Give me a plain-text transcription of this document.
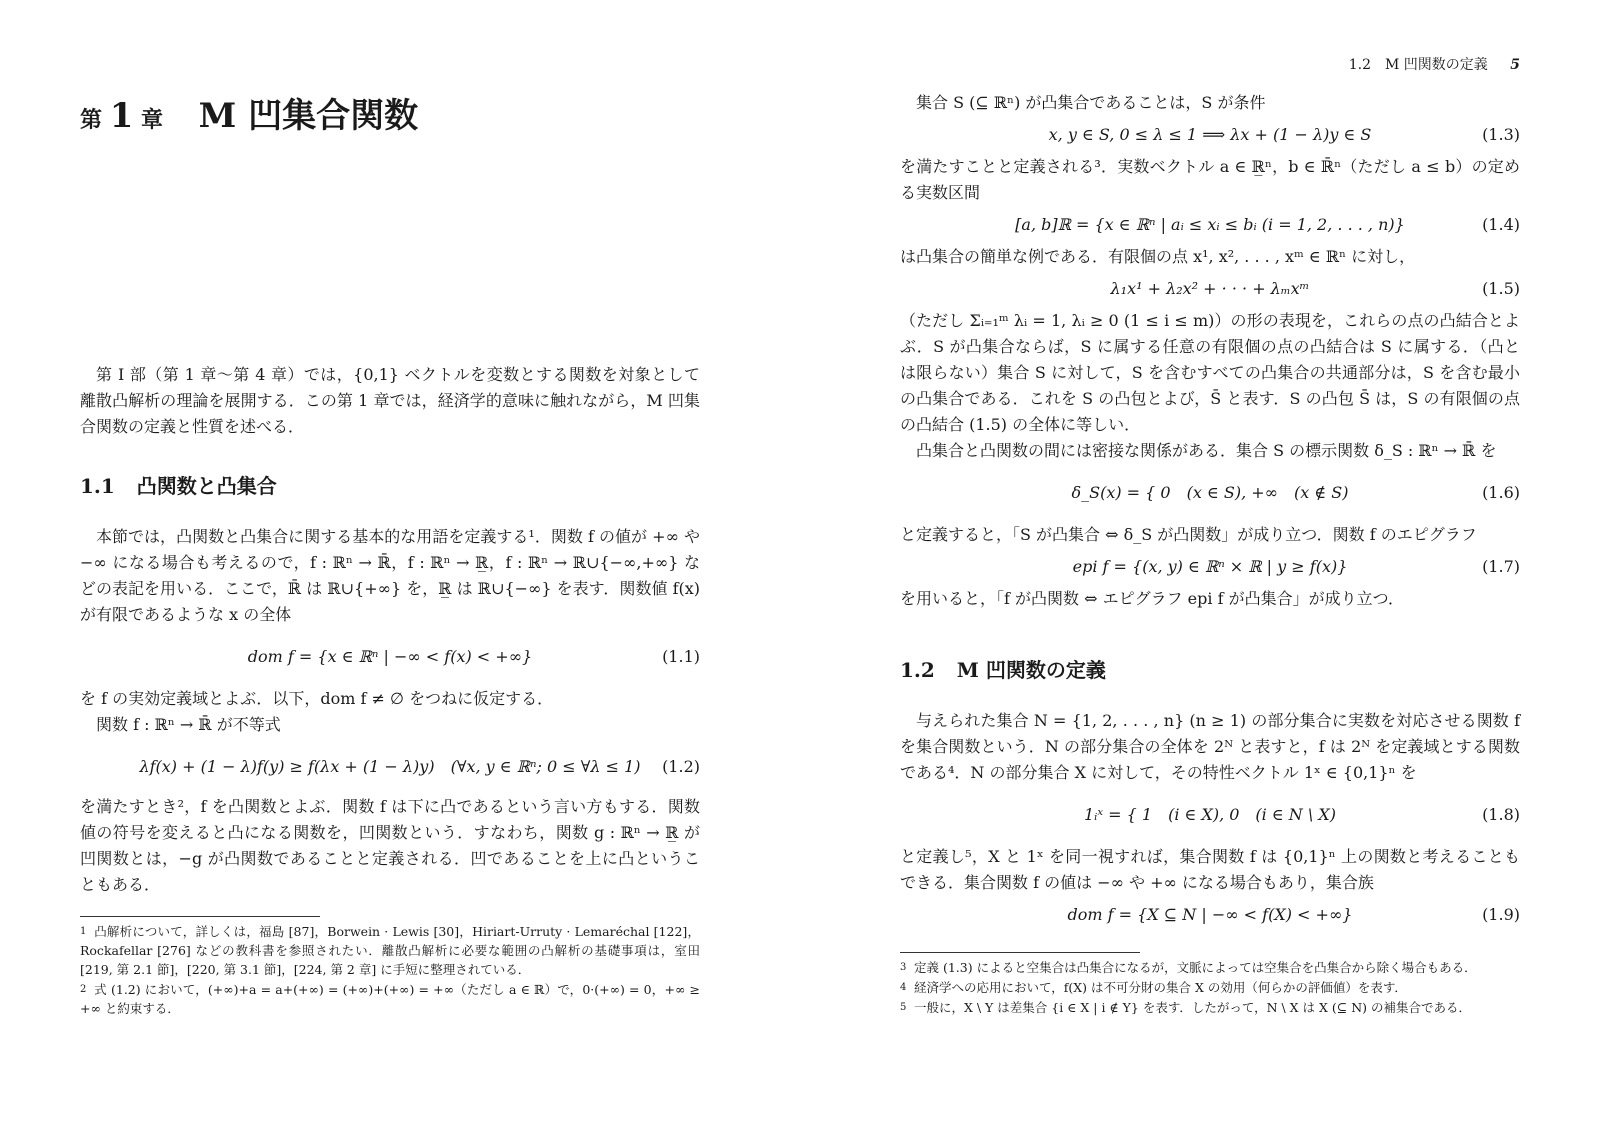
第 1 章 M 凹集合関数

第 I 部（第 1 章〜第 4 章）では，{0,1} ベクトルを変数とする関数を対象として離散凸解析の理論を展開する．この第 1 章では，経済学的意味に触れながら，M 凹集合関数の定義と性質を述べる．

1.1 凸関数と凸集合

本節では，凸関数と凸集合に関する基本的な用語を定義する¹．関数 f の値が +∞ や −∞ になる場合も考えるので，f : ℝⁿ → ℝ̄，f : ℝⁿ → ℝ̲，f : ℝⁿ → ℝ∪{−∞,+∞} などの表記を用いる．ここで，ℝ̄ は ℝ∪{+∞} を，ℝ̲ は ℝ∪{−∞} を表す．関数値 f(x) が有限であるような x の全体

dom f = {x ∈ ℝⁿ | −∞ < f(x) < +∞}	(1.1)

を f の実効定義域とよぶ．以下，dom f ≠ ∅ をつねに仮定する．

関数 f : ℝⁿ → ℝ̄ が不等式

λf(x) + (1 − λ)f(y) ≥ f(λx + (1 − λ)y)　(∀x, y ∈ ℝⁿ; 0 ≤ ∀λ ≤ 1)	(1.2)

を満たすとき²，f を凸関数とよぶ．関数 f は下に凸であるという言い方もする．関数値の符号を変えると凸になる関数を，凹関数という．すなわち，関数 g : ℝⁿ → ℝ̲ が凹関数とは，−g が凸関数であることと定義される．凹であることを上に凸ということもある．

1 凸解析について，詳しくは，福島 [87]，Borwein · Lewis [30]，Hiriart-Urruty · Lemaréchal [122]，Rockafellar [276] などの教科書を参照されたい．離散凸解析に必要な範囲の凸解析の基礎事項は，室田 [219, 第 2.1 節]，[220, 第 3.1 節]，[224, 第 2 章] に手短に整理されている．

2 式 (1.2) において，(+∞)+a = a+(+∞) = (+∞)+(+∞) = +∞（ただし a ∈ ℝ）で，0·(+∞) = 0，+∞ ≥ +∞ と約束する．

1.2　M 凹関数の定義 5

集合 S (⊆ ℝⁿ) が凸集合であることは，S が条件

x, y ∈ S, 0 ≤ λ ≤ 1 ⟹ λx + (1 − λ)y ∈ S	(1.3)

を満たすことと定義される³．実数ベクトル a ∈ ℝ̲ⁿ，b ∈ ℝ̄ⁿ（ただし a ≤ b）の定める実数区間

[a, b]ℝ = {x ∈ ℝⁿ | aᵢ ≤ xᵢ ≤ bᵢ (i = 1, 2, . . . , n)}	(1.4)

は凸集合の簡単な例である．有限個の点 x¹, x², . . . , xᵐ ∈ ℝⁿ に対し，

λ₁x¹ + λ₂x² + · · · + λₘxᵐ	(1.5)

（ただし Σᵢ₌₁ᵐ λᵢ = 1, λᵢ ≥ 0 (1 ≤ i ≤ m)）の形の表現を，これらの点の凸結合とよぶ．S が凸集合ならば，S に属する任意の有限個の点の凸結合は S に属する．（凸とは限らない）集合 S に対して，S を含むすべての凸集合の共通部分は，S を含む最小の凸集合である．これを S の凸包とよび，S̄ と表す．S の凸包 S̄ は，S の有限個の点の凸結合 (1.5) の全体に等しい．

凸集合と凸関数の間には密接な関係がある．集合 S の標示関数 δ_S : ℝⁿ → ℝ̄ を

δ_S(x) = { 0　(x ∈ S), +∞　(x ∉ S)	(1.6)

と定義すると，「S が凸集合 ⇔ δ_S が凸関数」が成り立つ．関数 f のエピグラフ

epi f = {(x, y) ∈ ℝⁿ × ℝ | y ≥ f(x)}	(1.7)

を用いると，「f が凸関数 ⇔ エピグラフ epi f が凸集合」が成り立つ．

1.2 M 凹関数の定義

与えられた集合 N = {1, 2, . . . , n} (n ≥ 1) の部分集合に実数を対応させる関数 f を集合関数という．N の部分集合の全体を 2ᴺ と表すと，f は 2ᴺ を定義域とする関数である⁴．N の部分集合 X に対して，その特性ベクトル 1ˣ ∈ {0,1}ⁿ を

1ᵢˣ = { 1　(i ∈ X), 0　(i ∈ N \ X)	(1.8)

と定義し⁵，X と 1ˣ を同一視すれば，集合関数 f は {0,1}ⁿ 上の関数と考えることもできる．集合関数 f の値は −∞ や +∞ になる場合もあり，集合族

dom f = {X ⊆ N | −∞ < f(X) < +∞}	(1.9)

3 定義 (1.3) によると空集合は凸集合になるが，文脈によっては空集合を凸集合から除く場合もある．

4 経済学への応用において，f(X) は不可分財の集合 X の効用（何らかの評価値）を表す．

5 一般に，X \ Y は差集合 {i ∈ X | i ∉ Y} を表す．したがって，N \ X は X (⊆ N) の補集合である．
